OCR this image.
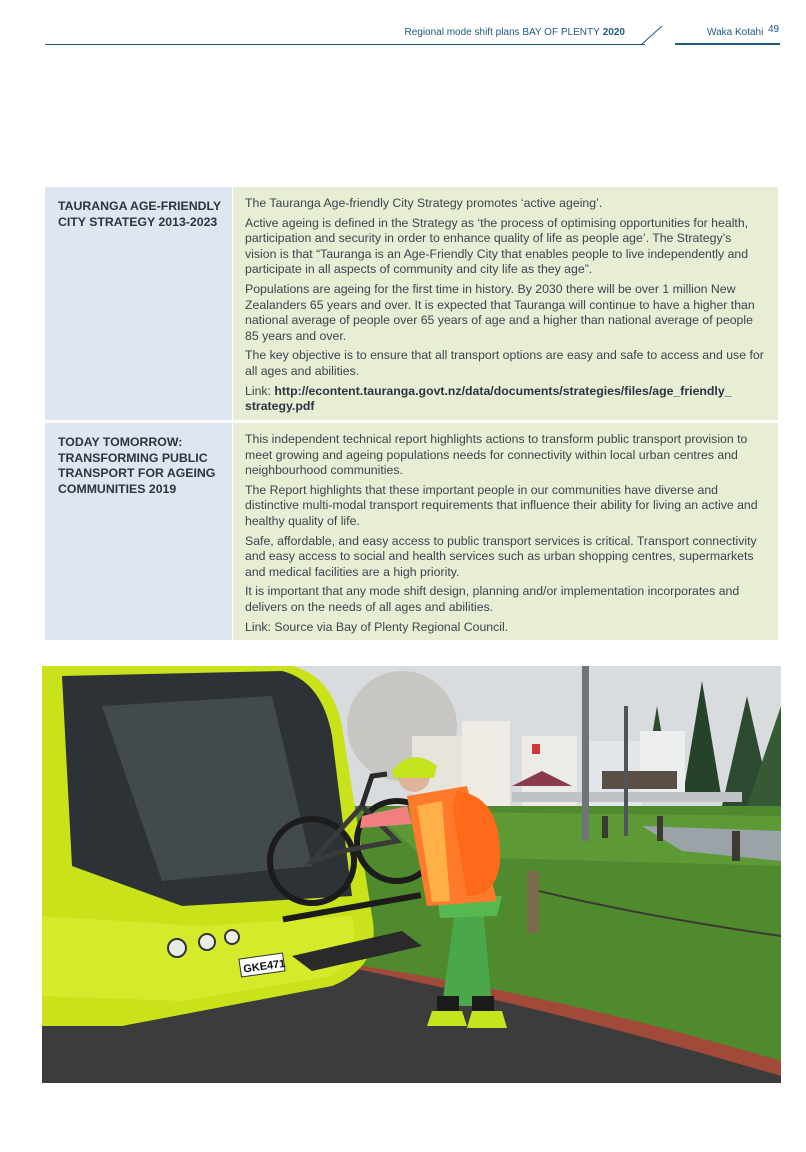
Regional mode shift plans BAY OF PLENTY 2020	Waka Kotahi 49
TAURANGA AGE-FRIENDLY CITY STRATEGY 2013-2023

The Tauranga Age-friendly City Strategy promotes ‘active ageing’.

Active ageing is defined in the Strategy as ‘the process of optimising opportunities for health, participation and security in order to enhance quality of life as people age’. The Strategy’s vision is that “Tauranga is an Age-Friendly City that enables people to live independently and participate in all aspects of community and city life as they age”.

Populations are ageing for the first time in history. By 2030 there will be over 1 million New Zealanders 65 years and over. It is expected that Tauranga will continue to have a higher than national average of people over 65 years of age and a higher than national average of people 85 years and over.

The key objective is to ensure that all transport options are easy and safe to access and use for all ages and abilities.

Link: http://econtent.tauranga.govt.nz/data/documents/strategies/files/age_friendly_ strategy.pdf

TODAY TOMORROW: TRANSFORMING PUBLIC TRANSPORT FOR AGEING COMMUNITIES 2019

This independent technical report highlights actions to transform public transport provision to meet growing and ageing populations needs for connectivity within local urban centres and neighbourhood communities.

The Report highlights that these important people in our communities have diverse and distinctive multi-modal transport requirements that influence their ability for living an active and healthy quality of life.

Safe, affordable, and easy access to public transport services is critical. Transport connectivity and easy access to social and health services such as urban shopping centres, supermarkets and medical facilities are a high priority.

It is important that any mode shift design, planning and/or implementation incorporates and delivers on the needs of all ages and abilities.

Link: Source via Bay of Plenty Regional Council.

GKE471
